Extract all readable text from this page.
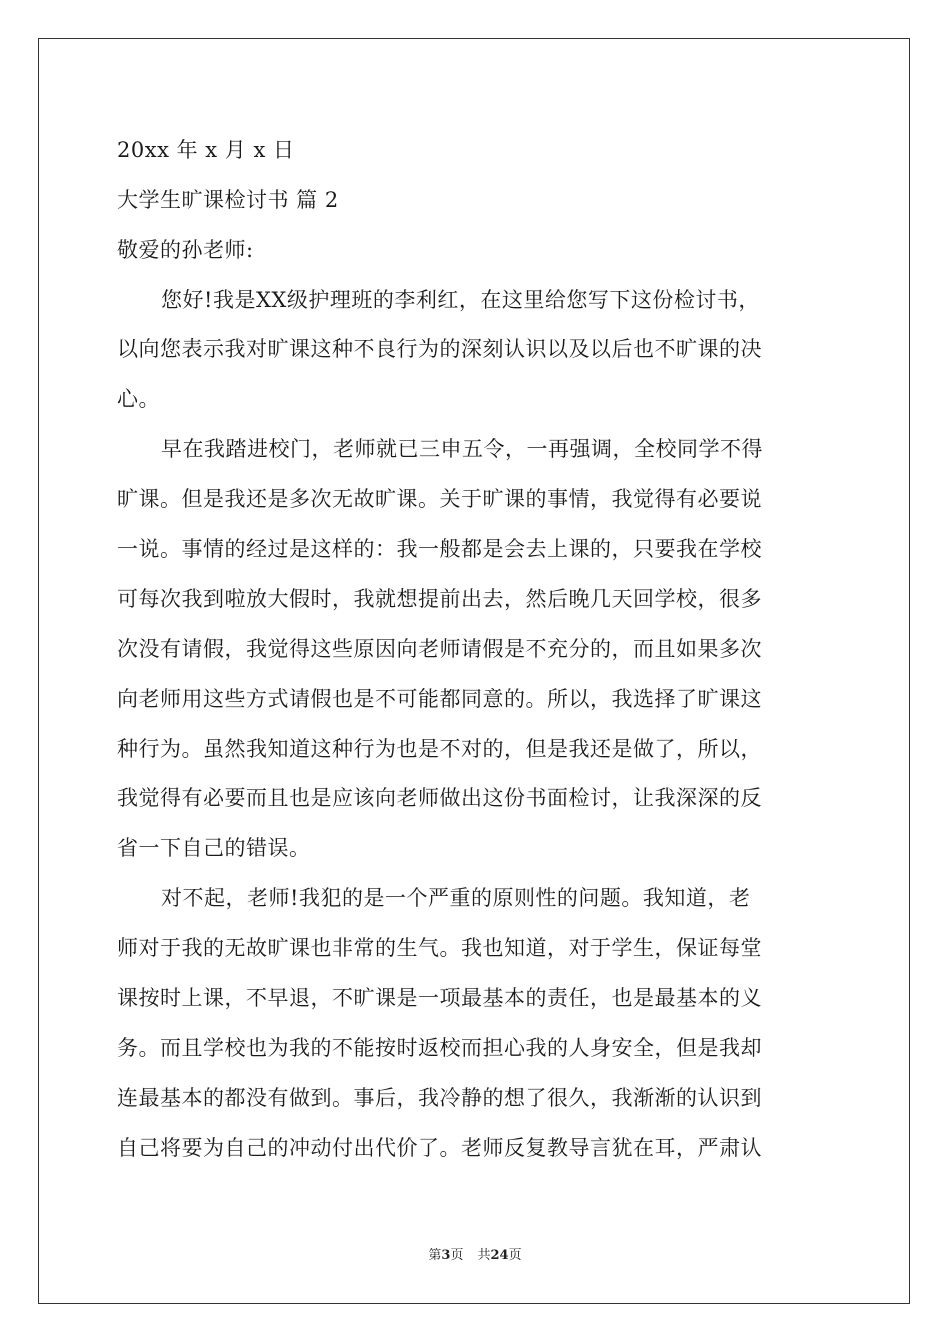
20xx 年 x 月 x 日
大学生旷课检讨书 篇 2
敬爱的孙老师:
您好!我是XX级护理班的李利红，在这里给您写下这份检讨书，
以向您表示我对旷课这种不良行为的深刻认识以及以后也不旷课的决
心。
早在我踏进校门，老师就已三申五令，一再强调，全校同学不得
旷课。但是我还是多次无故旷课。关于旷课的事情，我觉得有必要说
一说。事情的经过是这样的：我一般都是会去上课的，只要我在学校
可每次我到啦放大假时，我就想提前出去，然后晚几天回学校，很多
次没有请假，我觉得这些原因向老师请假是不充分的，而且如果多次
向老师用这些方式请假也是不可能都同意的。所以，我选择了旷课这
种行为。虽然我知道这种行为也是不对的，但是我还是做了，所以，
我觉得有必要而且也是应该向老师做出这份书面检讨，让我深深的反
省一下自己的错误。
对不起，老师!我犯的是一个严重的原则性的问题。我知道，老
师对于我的无故旷课也非常的生气。我也知道，对于学生，保证每堂
课按时上课，不早退，不旷课是一项最基本的责任，也是最基本的义
务。而且学校也为我的不能按时返校而担心我的人身安全，但是我却
连最基本的都没有做到。事后，我冷静的想了很久，我渐渐的认识到
自己将要为自己的冲动付出代价了。老师反复教导言犹在耳，严肃认
第3页 共24页
